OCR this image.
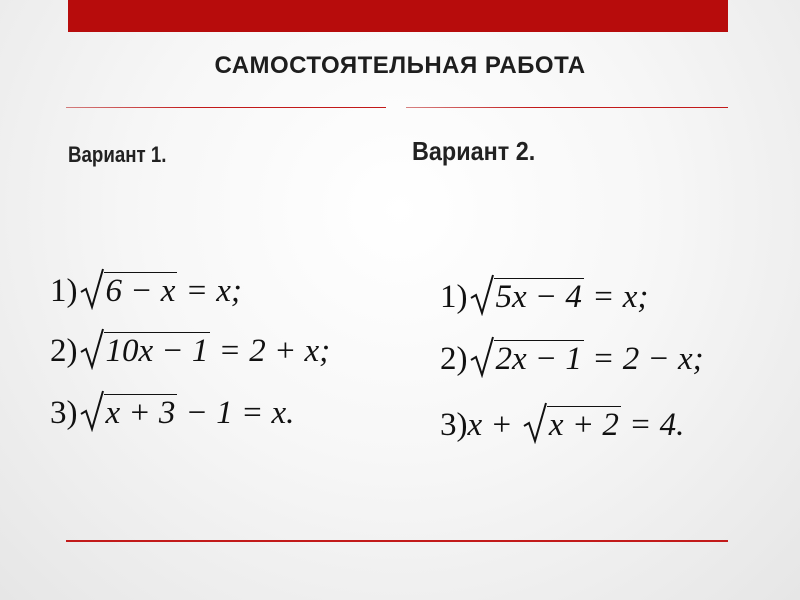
САМОСТОЯТЕЛЬНАЯ РАБОТА
Вариант 1.	Вариант 2.
1) 6 − x = x;
2) 10x − 1 = 2 + x;
3) x + 3 − 1 = x.
1) 5x − 4 = x;
2) 2x − 1 = 2 − x;
3)x +
x + 2 = 4.
